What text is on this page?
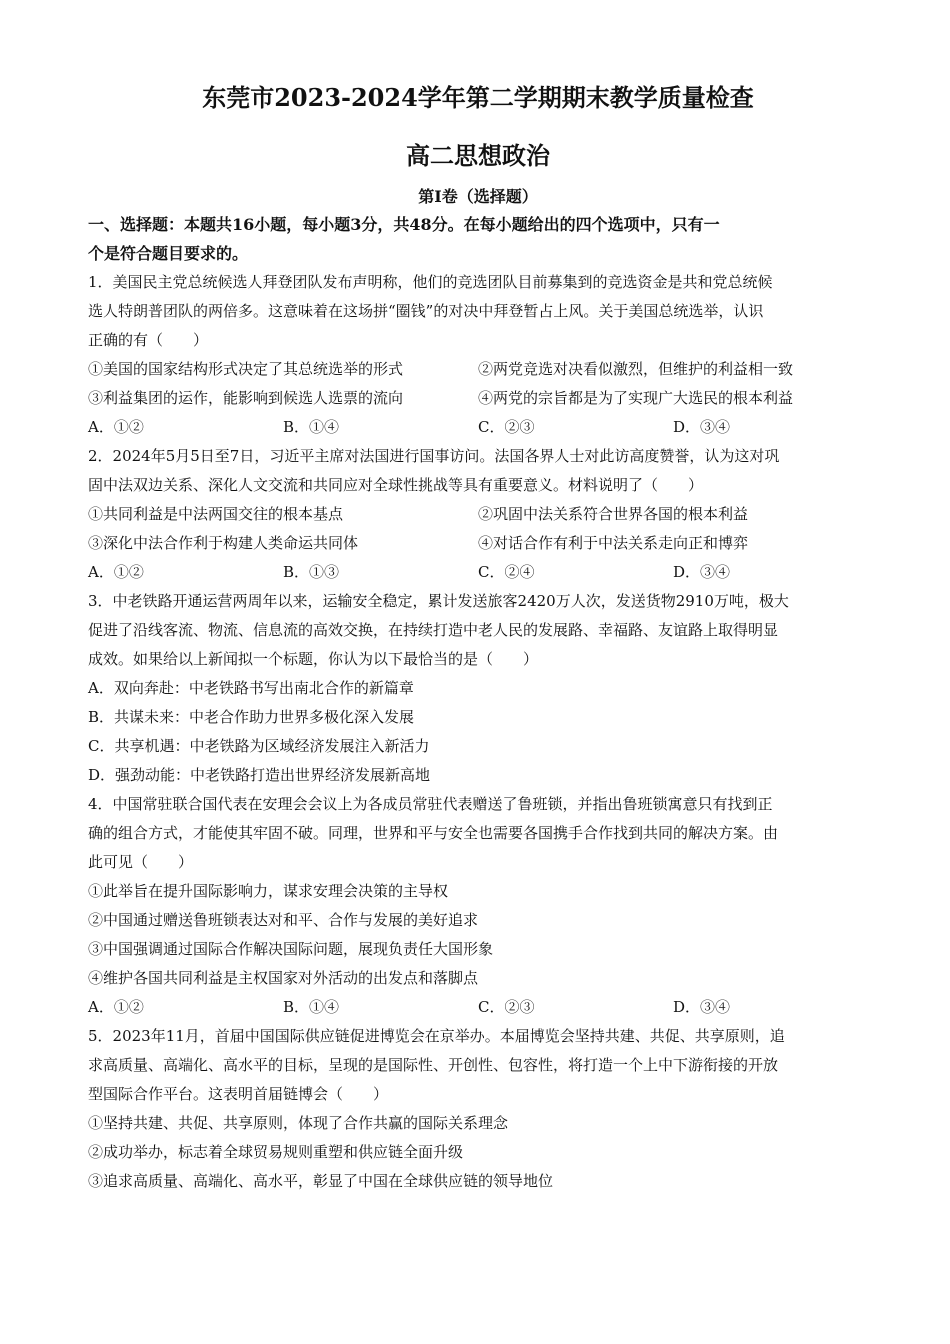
东莞市2023-2024学年第二学期期末教学质量检查
高二思想政治
第Ⅰ卷（选择题）
一、选择题：本题共16小题，每小题3分，共48分。在每小题给出的四个选项中，只有一
个是符合题目要求的。
1．美国民主党总统候选人拜登团队发布声明称，他们的竞选团队目前募集到的竞选资金是共和党总统候
选人特朗普团队的两倍多。这意味着在这场拼“圈钱”的对决中拜登暂占上风。关于美国总统选举，认识
正确的有（　　）
①美国的国家结构形式决定了其总统选举的形式	②两党竞选对决看似激烈，但维护的利益相一致
③利益集团的运作，能影响到候选人选票的流向	④两党的宗旨都是为了实现广大选民的根本利益
A．①②	B．①④	C．②③	D．③④
2．2024年5月5日至7日，习近平主席对法国进行国事访问。法国各界人士对此访高度赞誉，认为这对巩
固中法双边关系、深化人文交流和共同应对全球性挑战等具有重要意义。材料说明了（　　）
①共同利益是中法两国交往的根本基点	②巩固中法关系符合世界各国的根本利益
③深化中法合作利于构建人类命运共同体	④对话合作有利于中法关系走向正和博弈
A．①②	B．①③	C．②④	D．③④
3．中老铁路开通运营两周年以来，运输安全稳定，累计发送旅客2420万人次，发送货物2910万吨，极大
促进了沿线客流、物流、信息流的高效交换，在持续打造中老人民的发展路、幸福路、友谊路上取得明显
成效。如果给以上新闻拟一个标题，你认为以下最恰当的是（　　）
A．双向奔赴：中老铁路书写出南北合作的新篇章
B．共谋未来：中老合作助力世界多极化深入发展
C．共享机遇：中老铁路为区域经济发展注入新活力
D．强劲动能：中老铁路打造出世界经济发展新高地
4．中国常驻联合国代表在安理会会议上为各成员常驻代表赠送了鲁班锁，并指出鲁班锁寓意只有找到正
确的组合方式，才能使其牢固不破。同理，世界和平与安全也需要各国携手合作找到共同的解决方案。由
此可见（　　）
①此举旨在提升国际影响力，谋求安理会决策的主导权
②中国通过赠送鲁班锁表达对和平、合作与发展的美好追求
③中国强调通过国际合作解决国际问题，展现负责任大国形象
④维护各国共同利益是主权国家对外活动的出发点和落脚点
A．①②	B．①④	C．②③	D．③④
5．2023年11月，首届中国国际供应链促进博览会在京举办。本届博览会坚持共建、共促、共享原则，追
求高质量、高端化、高水平的目标，呈现的是国际性、开创性、包容性，将打造一个上中下游衔接的开放
型国际合作平台。这表明首届链博会（　　）
①坚持共建、共促、共享原则，体现了合作共赢的国际关系理念
②成功举办，标志着全球贸易规则重塑和供应链全面升级
③追求高质量、高端化、高水平，彰显了中国在全球供应链的领导地位
